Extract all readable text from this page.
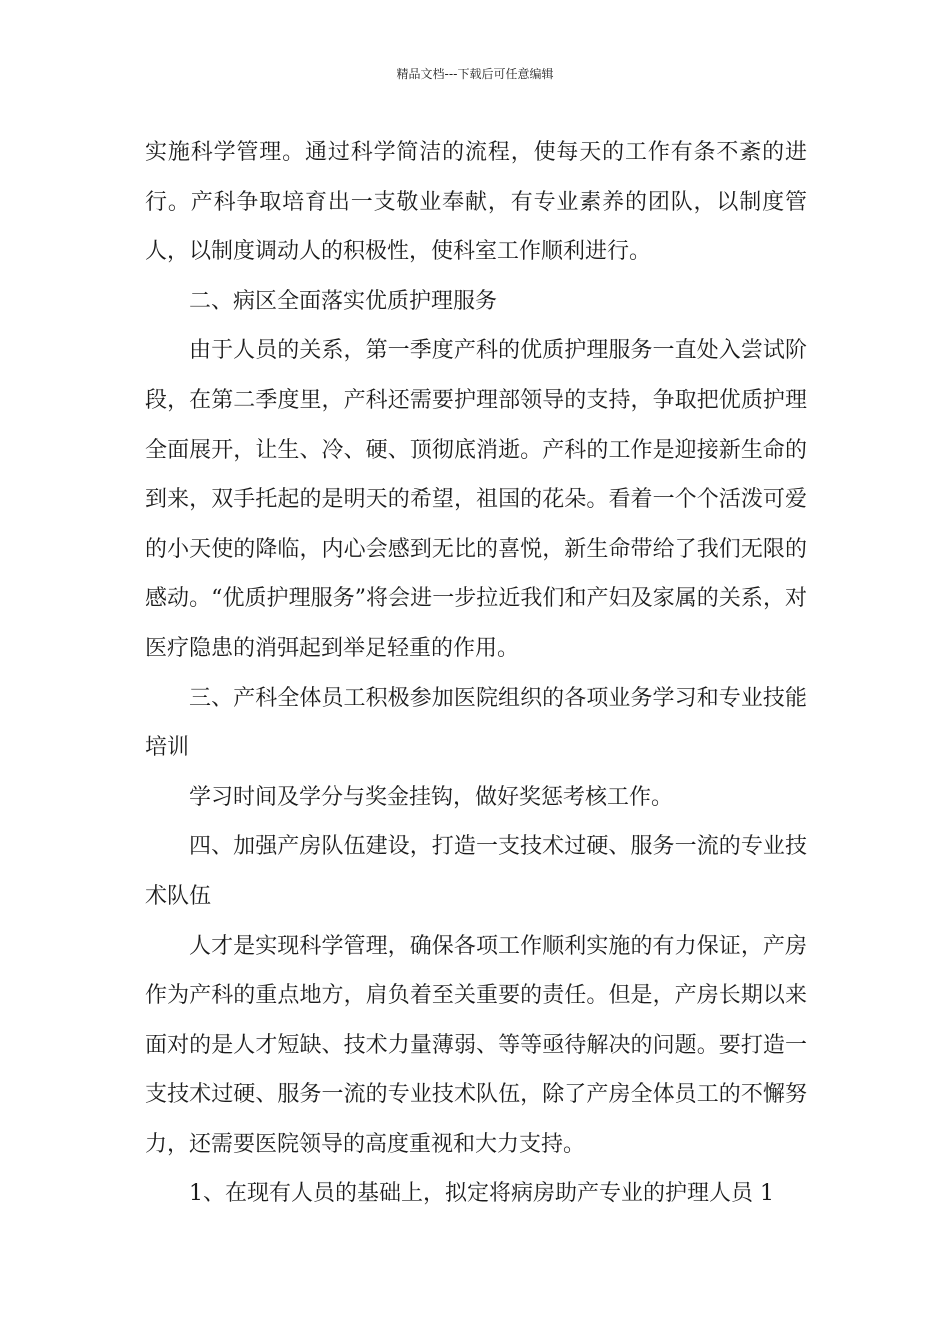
精品文档---下载后可任意编辑

实施科学管理。通过科学简洁的流程，使每天的工作有条不紊的进行。产科争取培育出一支敬业奉献，有专业素养的团队，以制度管人，以制度调动人的积极性，使科室工作顺利进行。

二、病区全面落实优质护理服务

由于人员的关系，第一季度产科的优质护理服务一直处入尝试阶段，在第二季度里，产科还需要护理部领导的支持，争取把优质护理全面展开，让生、冷、硬、顶彻底消逝。产科的工作是迎接新生命的到来，双手托起的是明天的希望，祖国的花朵。看着一个个活泼可爱的小天使的降临，内心会感到无比的喜悦，新生命带给了我们无限的感动。“优质护理服务”将会进一步拉近我们和产妇及家属的关系，对医疗隐患的消弭起到举足轻重的作用。

三、产科全体员工积极参加医院组织的各项业务学习和专业技能培训

学习时间及学分与奖金挂钩，做好奖惩考核工作。

四、加强产房队伍建设，打造一支技术过硬、服务一流的专业技术队伍

人才是实现科学管理，确保各项工作顺利实施的有力保证，产房作为产科的重点地方，肩负着至关重要的责任。但是，产房长期以来面对的是人才短缺、技术力量薄弱、等等亟待解决的问题。要打造一支技术过硬、服务一流的专业技术队伍，除了产房全体员工的不懈努力，还需要医院领导的高度重视和大力支持。

1、在现有人员的基础上，拟定将病房助产专业的护理人员 1
